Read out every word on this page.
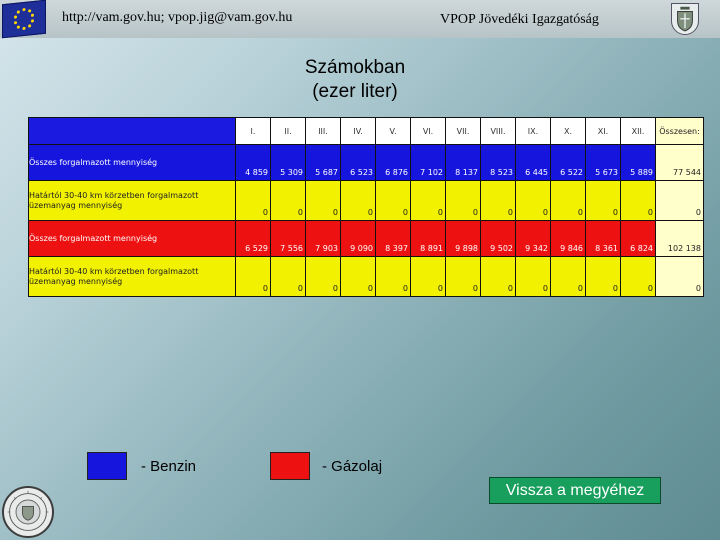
http://vam.gov.hu; vpop.jig@vam.gov.hu	VPOP Jövedéki Igazgatóság
Számokban
(ezer liter)
I.	II.	III.	IV.	V.	VI.	VII.	VIII.	IX.	X.	XI.	XII.	Összesen:
Összes forgalmazott mennyiség
4 859	5 309	5 687	6 523	6 876	7 102	8 137	8 523	6 445	6 522	5 673	5 889	77 544
Határtól 30-40 km körzetben forgalmazott üzemanyag mennyiség
0	0	0	0	0	0	0	0	0	0	0	0	0
Összes forgalmazott mennyiség
6 529	7 556	7 903	9 090	8 397	8 891	9 898	9 502	9 342	9 846	8 361	6 824	102 138
Határtól 30-40 km körzetben forgalmazott üzemanyag mennyiség
0	0	0	0	0	0	0	0	0	0	0	0	0
- Benzin	- Gázolaj
Vissza a megyéhez
